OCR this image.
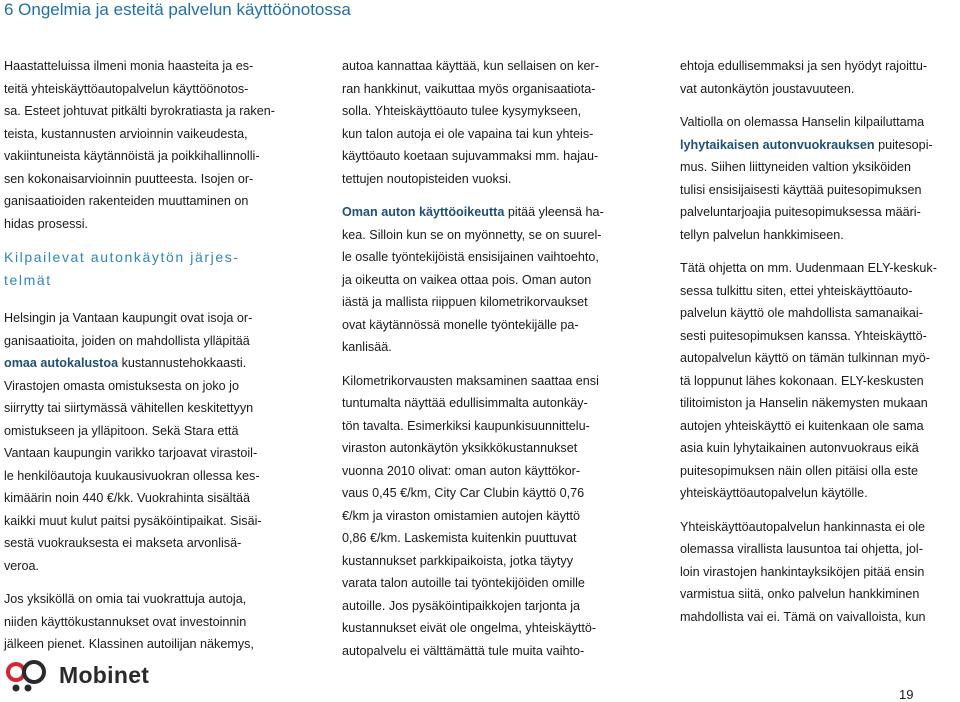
6 Ongelmia ja esteitä palvelun käyttöönotossa

Haastatteluissa ilmeni monia haasteita ja es-
teitä yhteiskäyttöautopalvelun käyttöönotos-
sa. Esteet johtuvat pitkälti byrokratiasta ja raken-
teista, kustannusten arvioinnin vaikeudesta,
vakiintuneista käytännöistä ja poikkihallinnolli-
sen kokonaisarvioinnin puutteesta. Isojen or-
ganisaatioiden rakenteiden muuttaminen on
hidas prosessi.

Kilpailevat autonkäytön järjes-
telmät

Helsingin ja Vantaan kaupungit ovat isoja or-
ganisaatioita, joiden on mahdollista ylläpitää
omaa autokalustoa kustannustehokkaasti.
Virastojen omasta omistuksesta on joko jo
siirrytty tai siirtymässä vähitellen keskitettyyn
omistukseen ja ylläpitoon. Sekä Stara että
Vantaan kaupungin varikko tarjoavat virastoil-
le henkilöautoja kuukausivuokran ollessa kes-
kimäärin noin 440 €/kk. Vuokrahinta sisältää
kaikki muut kulut paitsi pysäköintipaikat. Sisäi-
sestä vuokrauksesta ei makseta arvonlisä-
veroa.

Jos yksiköllä on omia tai vuokrattuja autoja,
niiden käyttökustannukset ovat investoinnin
jälkeen pienet. Klassinen autoilijan näkemys,

autoa kannattaa käyttää, kun sellaisen on ker-
ran hankkinut, vaikuttaa myös organisaatiota-
solla. Yhteiskäyttöauto tulee kysymykseen,
kun talon autoja ei ole vapaina tai kun yhteis-
käyttöauto koetaan sujuvammaksi mm. hajau-
tettujen noutopisteiden vuoksi.

Oman auton käyttöoikeutta pitää yleensä ha-
kea. Silloin kun se on myönnetty, se on suurel-
le osalle työntekijöistä ensisijainen vaihtoehto,
ja oikeutta on vaikea ottaa pois. Oman auton
iästä ja mallista riippuen kilometrikorvaukset
ovat käytännössä monelle työntekijälle pa-
kanlisää.

Kilometrikorvausten maksaminen saattaa ensi
tuntumalta näyttää edullisimmalta autonkäy-
tön tavalta. Esimerkiksi kaupunkisuunnittelu-
viraston autonkäytön yksikkökustannukset
vuonna 2010 olivat: oman auton käyttökor-
vaus 0,45 €/km, City Car Clubin käyttö 0,76
€/km ja viraston omistamien autojen käyttö
0,86 €/km. Laskemista kuitenkin puuttuvat
kustannukset parkkipaikoista, jotka täytyy
varata talon autoille tai työntekijöiden omille
autoille. Jos pysäköintipaikkojen tarjonta ja
kustannukset eivät ole ongelma, yhteiskäyttö-
autopalvelu ei välttämättä tule muita vaihto-

ehtoja edullisemmaksi ja sen hyödyt rajoittu-
vat autonkäytön joustavuuteen.

Valtiolla on olemassa Hanselin kilpailuttama
lyhytaikaisen autonvuokrauksen puitesopi-
mus. Siihen liittyneiden valtion yksiköiden
tulisi ensisijaisesti käyttää puitesopimuksen
palveluntarjoajia puitesopimuksessa määri-
tellyn palvelun hankkimiseen.

Tätä ohjetta on mm. Uudenmaan ELY-keskuk-
sessa tulkittu siten, ettei yhteiskäyttöauto-
palvelun käyttö ole mahdollista samanaikai-
sesti puitesopimuksen kanssa. Yhteiskäyttö-
autopalvelun käyttö on tämän tulkinnan myö-
tä loppunut lähes kokonaan. ELY-keskusten
tilitoimiston ja Hanselin näkemysten mukaan
autojen yhteiskäyttö ei kuitenkaan ole sama
asia kuin lyhytaikainen autonvuokraus eikä
puitesopimuksen näin ollen pitäisi olla este
yhteiskäyttöautopalvelun käytölle.

Yhteiskäyttöautopalvelun hankinnasta ei ole
olemassa virallista lausuntoa tai ohjetta, jol-
loin virastojen hankintayksiköjen pitää ensin
varmistua siitä, onko palvelun hankkiminen
mahdollista vai ei. Tämä on vaivalloista, kun

Mobinet
19
